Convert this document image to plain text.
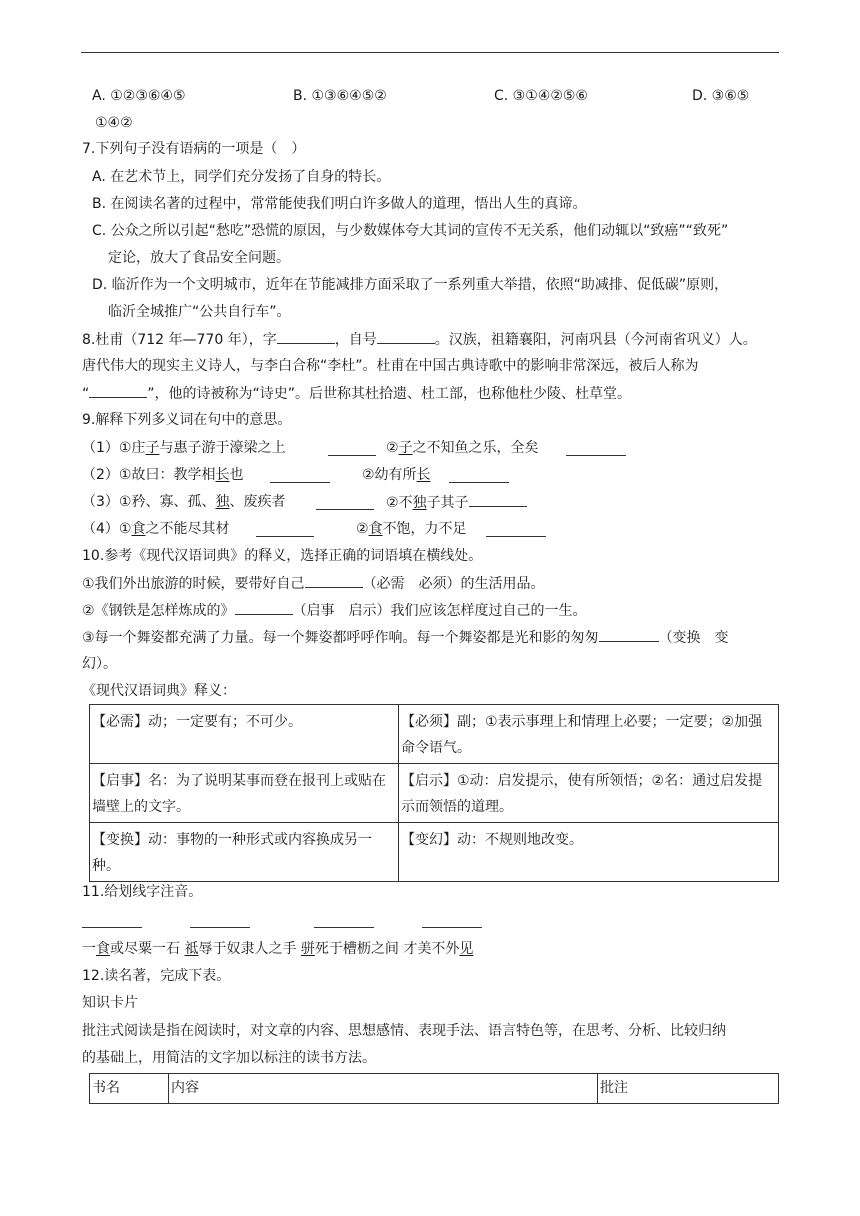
A. ①②③⑥④⑤	B. ①③⑥④⑤②	C. ③①④②⑤⑥	D. ③⑥⑤
①④②
7.下列句子没有语病的一项是（　）
A. 在艺术节上，同学们充分发扬了自身的特长。
B. 在阅读名著的过程中，常常能使我们明白许多做人的道理，悟出人生的真谛。
C. 公众之所以引起“愁吃”恐慌的原因，与少数媒体夸大其词的宣传不无关系，他们动辄以“致癌”“致死”
定论，放大了食品安全问题。
D. 临沂作为一个文明城市，近年在节能减排方面采取了一系列重大举措，依照“助减排、促低碳”原则，
临沂全城推广“公共自行车”。
8.杜甫（712 年—770 年），字	，自号	。汉族，祖籍襄阳，河南巩县（今河南省巩义）人。
唐代伟大的现实主义诗人，与李白合称“李杜”。杜甫在中国古典诗歌中的影响非常深远，被后人称为
“	”，他的诗被称为“诗史”。后世称其杜拾遗、杜工部，也称他杜少陵、杜草堂。
9.解释下列多义词在句中的意思。
（1）①庄子与惠子游于濠梁之上	②子之不知鱼之乐，全矣
（2）①故曰：教学相长也	②幼有所长
（3）①矜、寡、孤、独、废疾者	②不独子其子
（4）①食之不能尽其材	②食不饱，力不足
10.参考《现代汉语词典》的释义，选择正确的词语填在横线处。
①我们外出旅游的时候，要带好自己	（必需　必须）的生活用品。
②《钢铁是怎样炼成的》	（启事　启示）我们应该怎样度过自己的一生。
③每一个舞姿都充满了力量。每一个舞姿都呼呼作响。每一个舞姿都是光和影的匆匆	（变换　变
幻）。
《现代汉语词典》释义：
【必需】动；一定要有；不可少。	【必须】副；①表示事理上和情理上必要；一定要；②加强命令语气。
【启事】名：为了说明某事而登在报刊上或贴在墙壁上的文字。	【启示】①动：启发提示，使有所领悟；②名：通过启发提示而领悟的道理。
【变换】动：事物的一种形式或内容换成另一种。	【变幻】动：不规则地改变。
11.给划线字注音。
一食或尽粟一石 祗辱于奴隶人之手 骈死于槽枥之间 才美不外见
12.读名著，完成下表。
知识卡片
批注式阅读是指在阅读时，对文章的内容、思想感情、表现手法、语言特色等，在思考、分析、比较归纳
的基础上，用简洁的文字加以标注的读书方法。
书名	内容	批注
